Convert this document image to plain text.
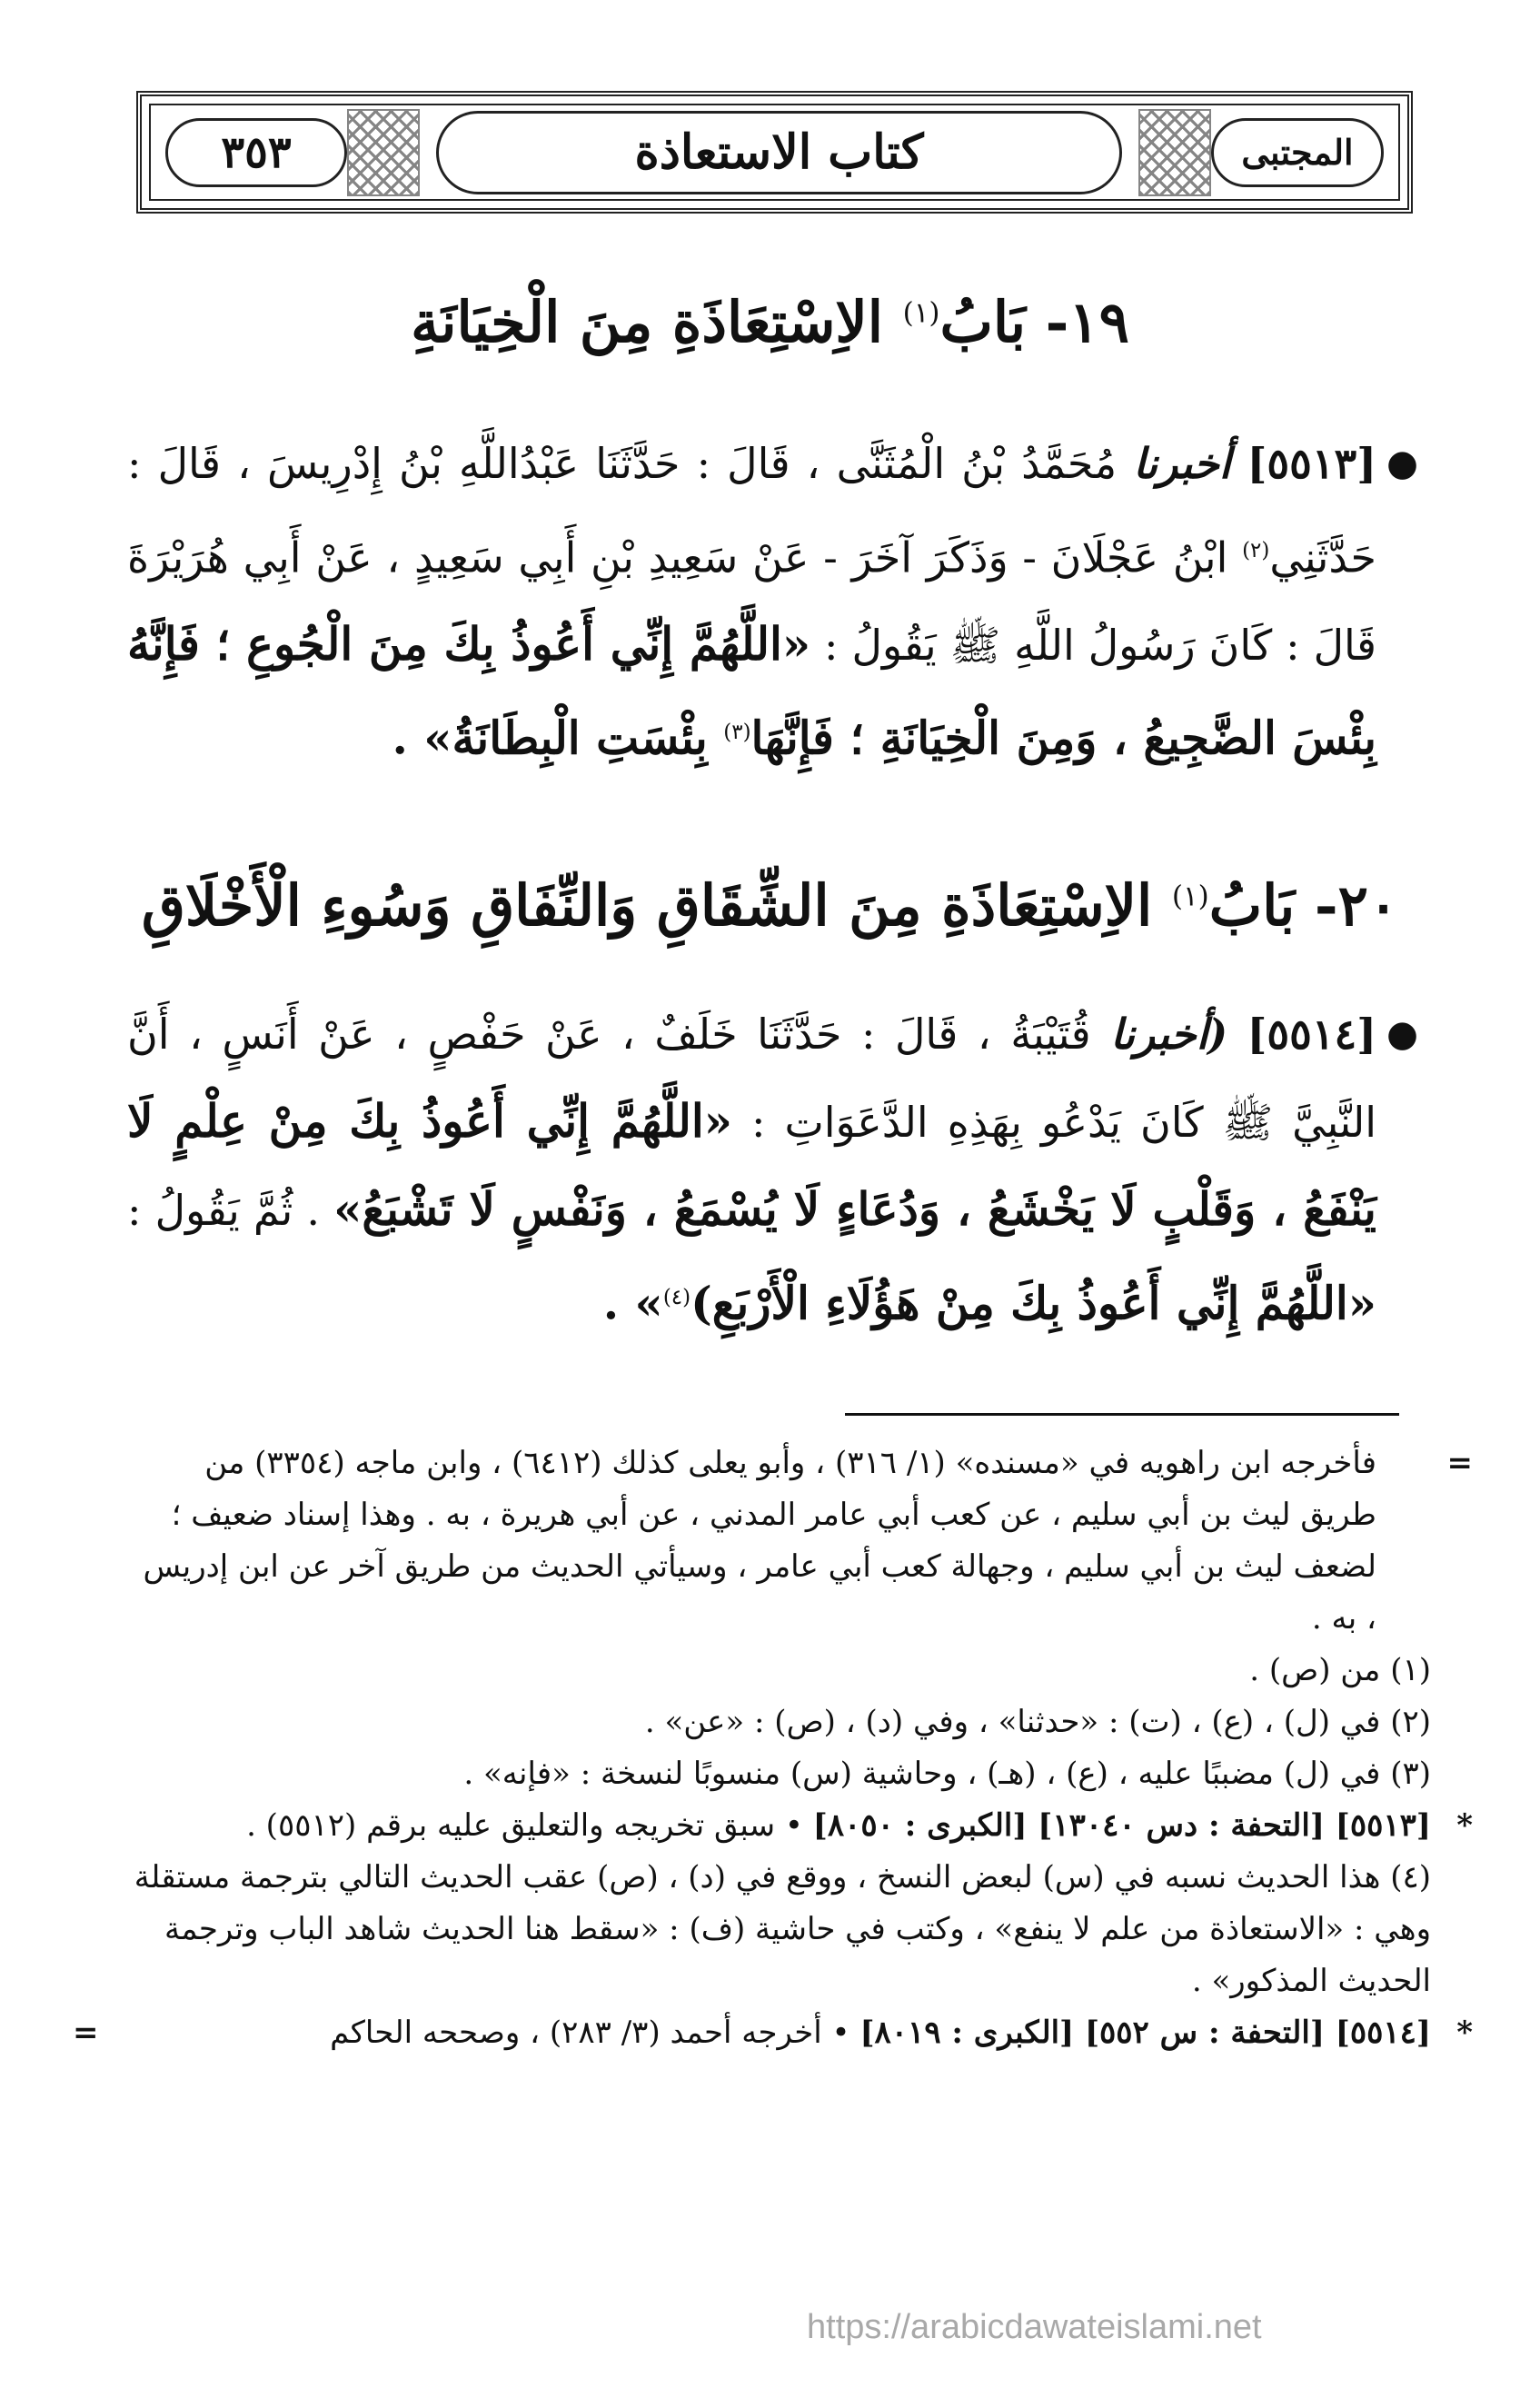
المجتبى
كتاب الاستعاذة
٣٥٣
١٩- بَابُ$^{(١)}$ الاِسْتِعَاذَةِ مِنَ الْخِيَانَةِ
●
[٥٥١٣] أخبرنا مُحَمَّدُ بْنُ الْمُثَنَّى ، قَالَ : حَدَّثَنَا عَبْدُاللَّهِ بْنُ إِدْرِيسَ ، قَالَ : حَدَّثَنِي$^{(٢)}$ ابْنُ عَجْلَانَ - وَذَكَرَ آخَرَ - عَنْ سَعِيدِ بْنِ أَبِي سَعِيدٍ ، عَنْ أَبِي هُرَيْرَةَ قَالَ : كَانَ رَسُولُ اللَّهِ ﷺ يَقُولُ : «اللَّهُمَّ إِنِّي أَعُوذُ بِكَ مِنَ الْجُوعِ ؛ فَإِنَّهُ بِئْسَ الضَّجِيعُ ، وَمِنَ الْخِيَانَةِ ؛ فَإِنَّهَا$^{(٣)}$ بِئْسَتِ الْبِطَانَةُ» .
٢٠- بَابُ$^{(١)}$ الاِسْتِعَاذَةِ مِنَ الشِّقَاقِ وَالنِّفَاقِ وَسُوءِ الْأَخْلَاقِ
●
[٥٥١٤] (أخبرنا قُتَيْبَةُ ، قَالَ : حَدَّثَنَا خَلَفٌ ، عَنْ حَفْصٍ ، عَنْ أَنَسٍ ، أَنَّ النَّبِيَّ ﷺ كَانَ يَدْعُو بِهَذِهِ الدَّعَوَاتِ : «اللَّهُمَّ إِنِّي أَعُوذُ بِكَ مِنْ عِلْمٍ لَا يَنْفَعُ ، وَقَلْبٍ لَا يَخْشَعُ ، وَدُعَاءٍ لَا يُسْمَعُ ، وَنَفْسٍ لَا تَشْبَعُ» . ثُمَّ يَقُولُ : «اللَّهُمَّ إِنِّي أَعُوذُ بِكَ مِنْ هَؤُلَاءِ الْأَرْبَعِ)$^{(٤)}$» .
=

فأخرجه ابن راهويه في «مسنده» (١/ ٣١٦) ، وأبو يعلى كذلك (٦٤١٢) ، وابن ماجه (٣٣٥٤) من طريق ليث بن أبي سليم ، عن كعب أبي عامر المدني ، عن أبي هريرة ، به . وهذا إسناد ضعيف ؛ لضعف ليث بن أبي سليم ، وجهالة كعب أبي عامر ، وسيأتي الحديث من طريق آخر عن ابن إدريس ، به .

(١) من (ص) .

(٢) في (ل) ، (ع) ، (ت) : «حدثنا» ، وفي (د) ، (ص) : «عن» .

(٣) في (ل) مضببًا عليه ، (ع) ، (هـ) ، وحاشية (س) منسوبًا لنسخة : «فإنه» .

*

[٥٥١٣] [التحفة : دس ١٣٠٤٠] [الكبرى : ٨٠٥٠] • سبق تخريجه والتعليق عليه برقم (٥٥١٢) .

(٤) هذا الحديث نسبه في (س) لبعض النسخ ، ووقع في (د) ، (ص) عقب الحديث التالي بترجمة مستقلة وهي : «الاستعاذة من علم لا ينفع» ، وكتب في حاشية (ف) : «سقط هنا الحديث شاهد الباب وترجمة الحديث المذكور» .

*

[٥٥١٤] [التحفة : س ٥٥٢] [الكبرى : ٨٠١٩] • أخرجه أحمد (٣/ ٢٨٣) ، وصححه الحاكم

=
https://arabicdawateislami.net
